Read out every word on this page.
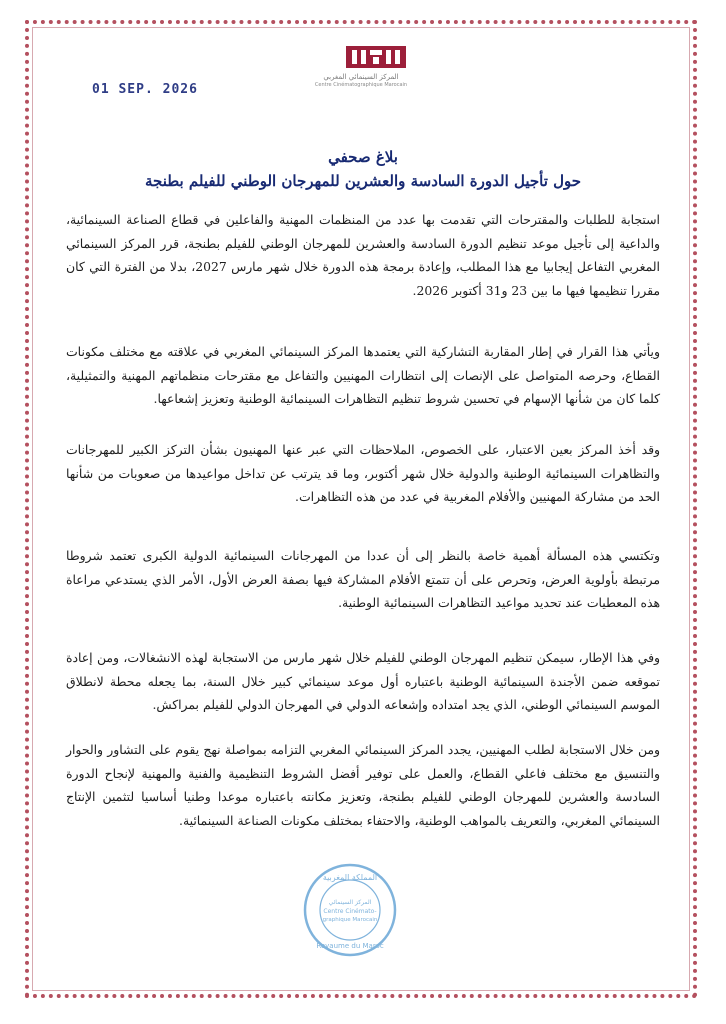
المركز السينمائي المغربي
Centre Cinématographique Marocain
01 SEP. 2026
بلاغ صحفي
حول تأجيل الدورة السادسة والعشرين للمهرجان الوطني للفيلم بطنجة
استجابة للطلبات والمقترحات التي تقدمت بها عدد من المنظمات المهنية والفاعلين في قطاع الصناعة السينمائية، والداعية إلى تأجيل موعد تنظيم الدورة السادسة والعشرين للمهرجان الوطني للفيلم بطنجة، قرر المركز السينمائي المغربي التفاعل إيجابيا مع هذا المطلب، وإعادة برمجة هذه الدورة خلال شهر مارس 2027، بدلا من الفترة التي كان مقررا تنظيمها فيها ما بين 23 و31 أكتوبر 2026.
ويأتي هذا القرار في إطار المقاربة التشاركية التي يعتمدها المركز السينمائي المغربي في علاقته مع مختلف مكونات القطاع، وحرصه المتواصل على الإنصات إلى انتظارات المهنيين والتفاعل مع مقترحات منظماتهم المهنية والتمثيلية، كلما كان من شأنها الإسهام في تحسين شروط تنظيم التظاهرات السينمائية الوطنية وتعزيز إشعاعها.
وقد أخذ المركز بعين الاعتبار، على الخصوص، الملاحظات التي عبر عنها المهنيون بشأن التركز الكبير للمهرجانات والتظاهرات السينمائية الوطنية والدولية خلال شهر أكتوبر، وما قد يترتب عن تداخل مواعيدها من صعوبات من شأنها الحد من مشاركة المهنيين والأفلام المغربية في عدد من هذه التظاهرات.
وتكتسي هذه المسألة أهمية خاصة بالنظر إلى أن عددا من المهرجانات السينمائية الدولية الكبرى تعتمد شروطا مرتبطة بأولوية العرض، وتحرص على أن تتمتع الأفلام المشاركة فيها بصفة العرض الأول، الأمر الذي يستدعي مراعاة هذه المعطيات عند تحديد مواعيد التظاهرات السينمائية الوطنية.
وفي هذا الإطار، سيمكن تنظيم المهرجان الوطني للفيلم خلال شهر مارس من الاستجابة لهذه الانشغالات، ومن إعادة تموقعه ضمن الأجندة السينمائية الوطنية باعتباره أول موعد سينمائي كبير خلال السنة، بما يجعله محطة لانطلاق الموسم السينمائي الوطني، الذي يجد امتداده وإشعاعه الدولي في المهرجان الدولي للفيلم بمراكش.
ومن خلال الاستجابة لطلب المهنيين، يجدد المركز السينمائي المغربي التزامه بمواصلة نهج يقوم على التشاور والحوار والتنسيق مع مختلف فاعلي القطاع، والعمل على توفير أفضل الشروط التنظيمية والفنية والمهنية لإنجاح الدورة السادسة والعشرين للمهرجان الوطني للفيلم بطنجة، وتعزيز مكانته باعتباره موعدا وطنيا أساسيا لتثمين الإنتاج السينمائي المغربي، والتعريف بالمواهب الوطنية، والاحتفاء بمختلف مكونات الصناعة السينمائية.
المملكة المغربية
المركز السينمائي
Centre Cinémato-
graphique Marocain
Royaume du Maroc
